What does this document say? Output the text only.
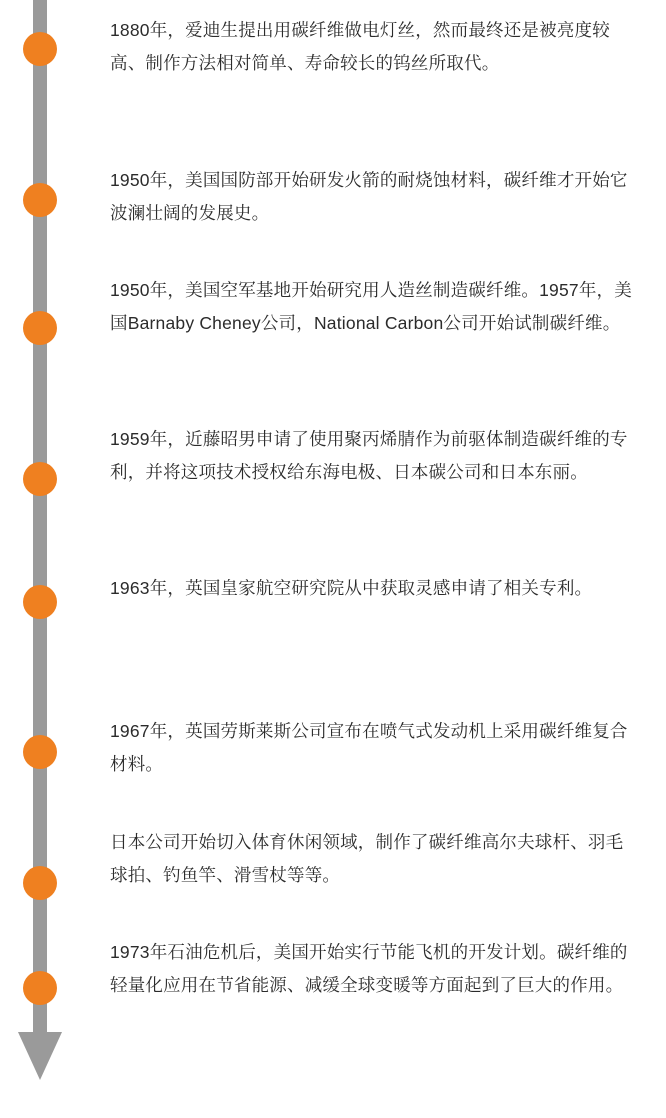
1880年，爱迪生提出用碳纤维做电灯丝，然而最终还是被亮度较高、制作方法相对简单、寿命较长的钨丝所取代。
1950年，美国国防部开始研发火箭的耐烧蚀材料，碳纤维才开始它波澜壮阔的发展史。
1950年，美国空军基地开始研究用人造丝制造碳纤维。1957年，美国Barnaby Cheney公司，National Carbon公司开始试制碳纤维。
1959年，近藤昭男申请了使用聚丙烯腈作为前驱体制造碳纤维的专利，并将这项技术授权给东海电极、日本碳公司和日本东丽。
1963年，英国皇家航空研究院从中获取灵感申请了相关专利。
1967年，英国劳斯莱斯公司宣布在喷气式发动机上采用碳纤维复合材料。
日本公司开始切入体育休闲领域，制作了碳纤维高尔夫球杆、羽毛球拍、钓鱼竿、滑雪杖等等。
1973年石油危机后，美国开始实行节能飞机的开发计划。碳纤维的轻量化应用在节省能源、减缓全球变暖等方面起到了巨大的作用。
